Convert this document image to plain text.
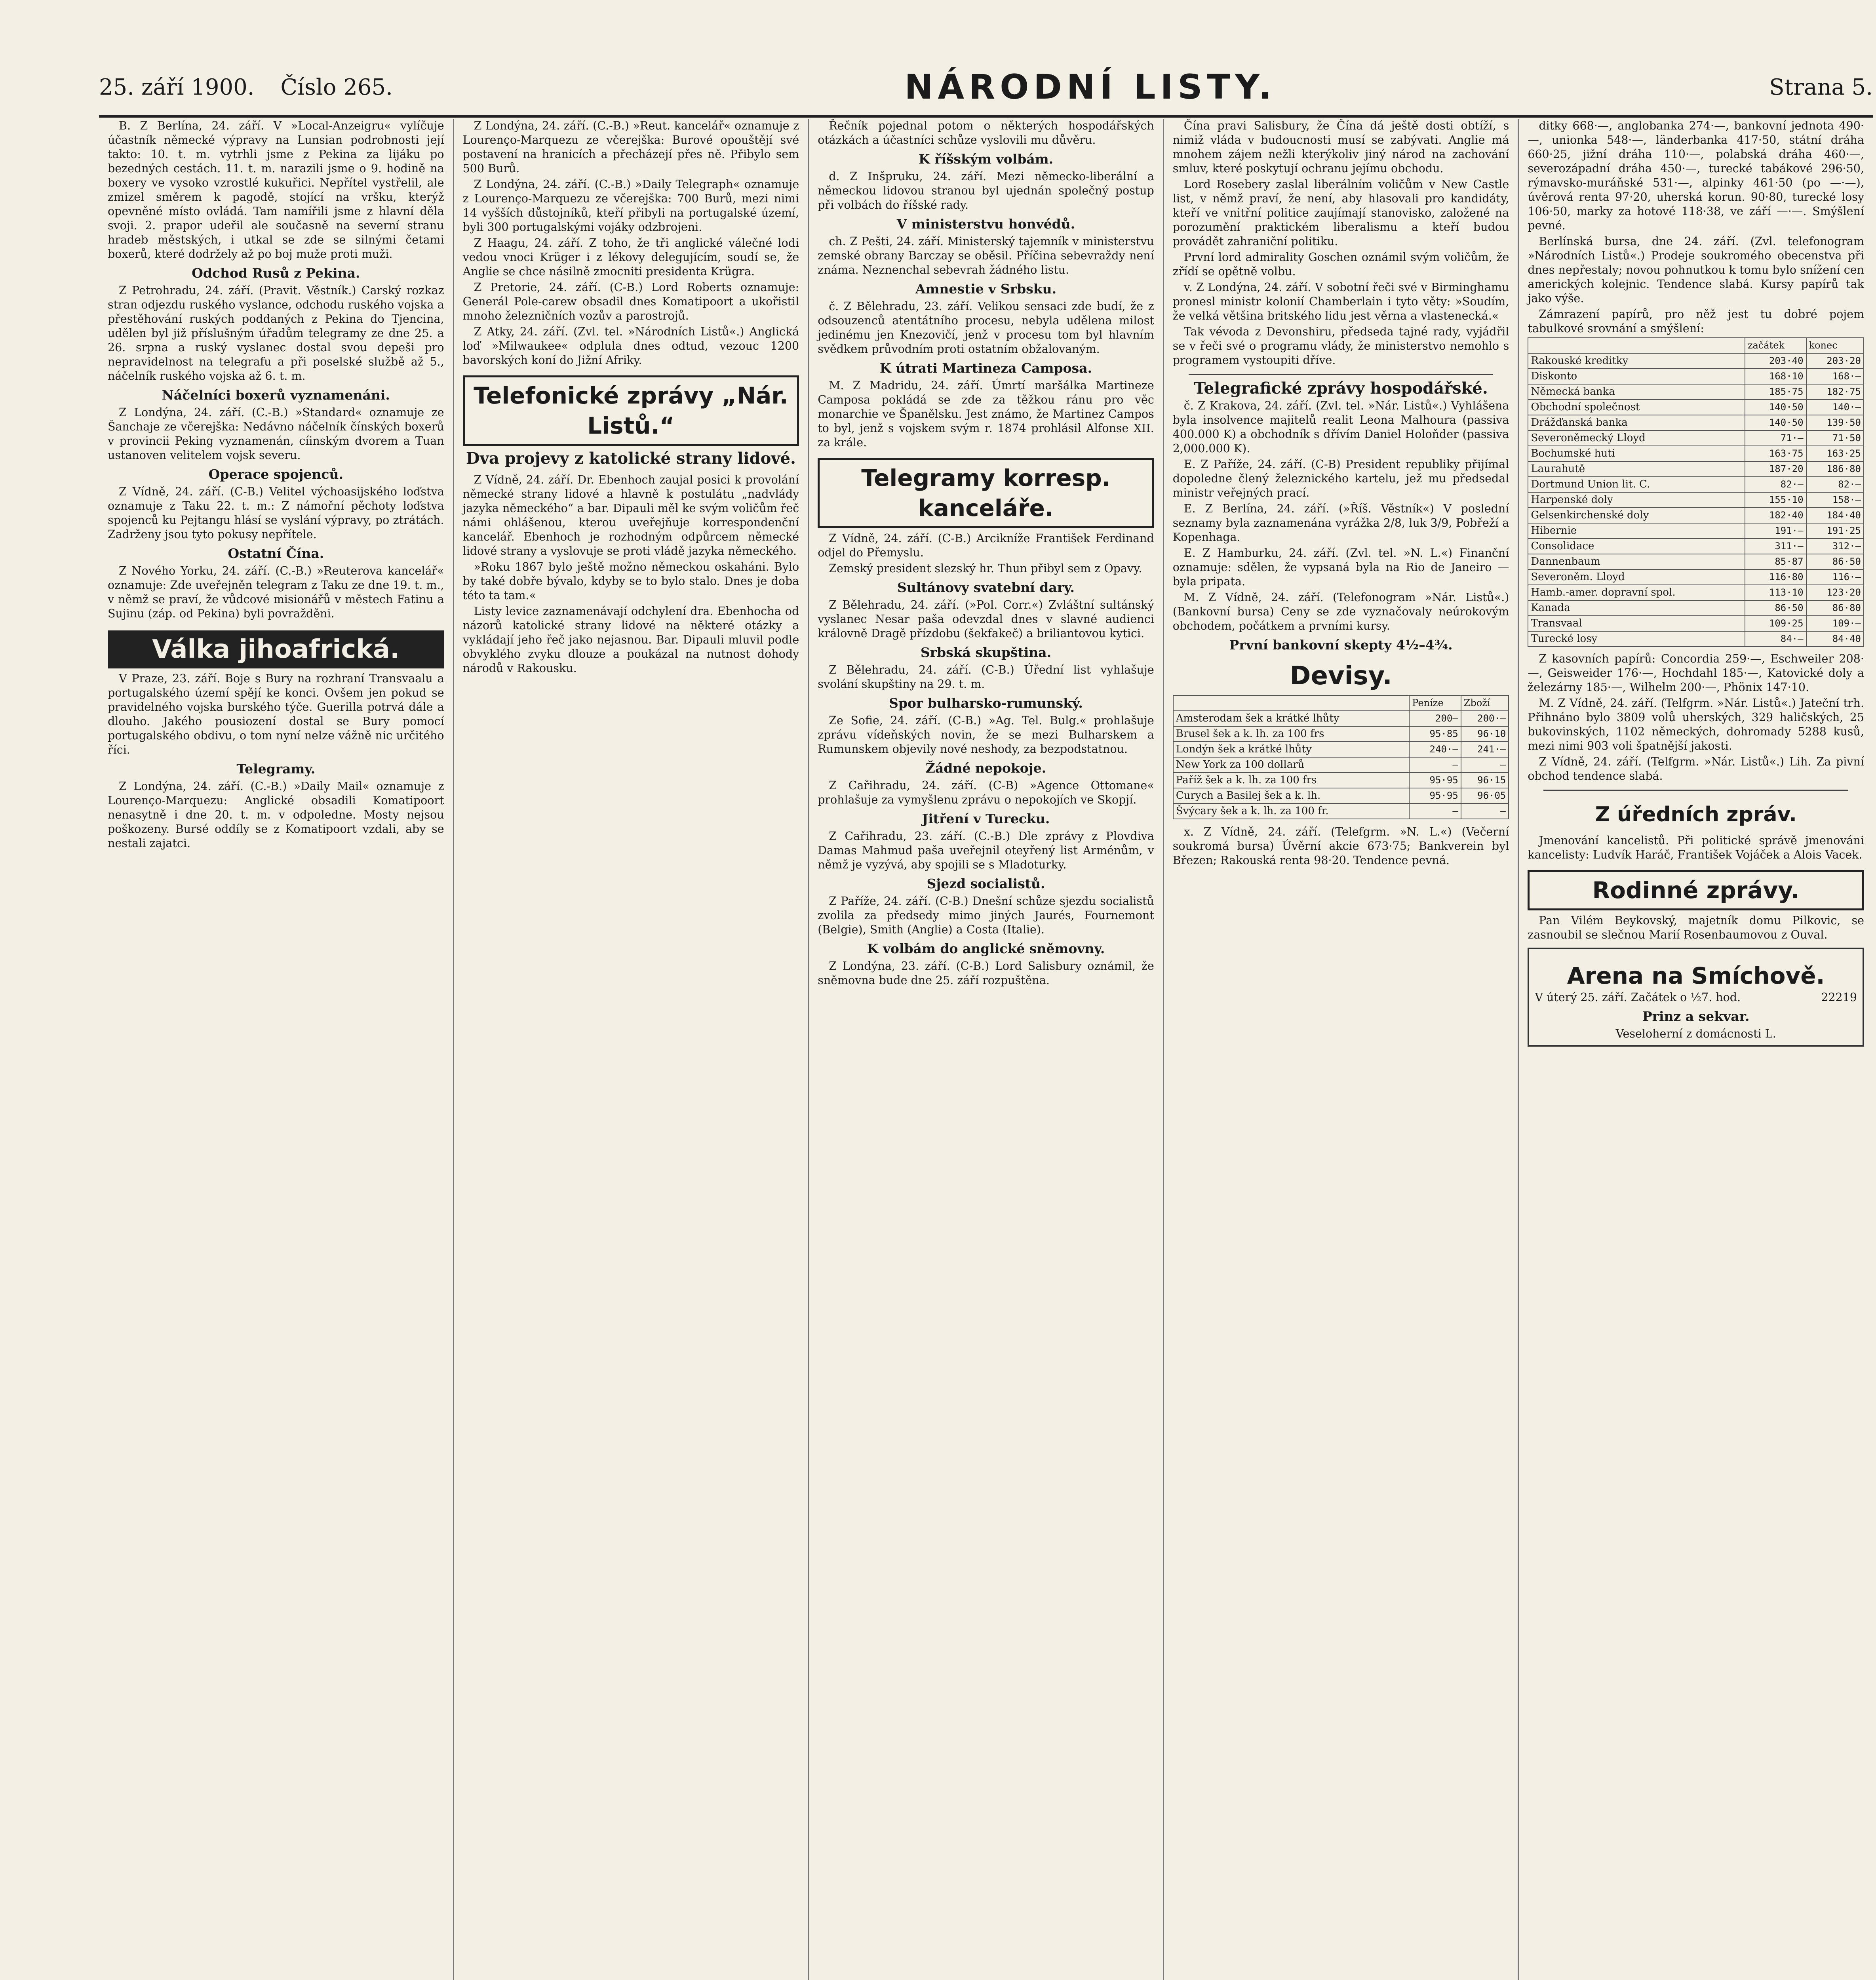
25. září 1900. Číslo 265.	NÁRODNÍ LISTY.	Strana 5.

B. Z Berlína, 24. září. V »Local-Anzeigru« vylíčuje účastník německé výpravy na Lunsian podrobnosti její takto: 10. t. m. vytrhli jsme z Pekina za lijáku po bezedných cestách. 11. t. m. narazili jsme o 9. hodině na boxery ve vysoko vzrostlé kukuřici. Nepřítel vystřelil, ale zmizel směrem k pagodě, stojící na vršku, kterýž opevněné místo ovládá. Tam namířili jsme z hlavní děla svoji. 2. prapor udeřil ale současně na severní stranu hradeb městských, i utkal se zde se silnými četami boxerů, které dodržely až po boj muže proti muži.

Odchod Rusů z Pekina.

Z Petrohradu, 24. září. (Pravit. Věstník.) Carský rozkaz stran odjezdu ruského vyslance, odchodu ruského vojska a přestěhování ruských poddaných z Pekina do Tjencina, udělen byl již příslušným úřadům telegramy ze dne 25. a 26. srpna a ruský vyslanec dostal svou depeši pro nepravidelnost na telegrafu a při poselské službě až 5., náčelník ruského vojska až 6. t. m.

Náčelníci boxerů vyznamenáni.

Z Londýna, 24. září. (C.-B.) »Standard« oznamuje ze Šanchaje ze včerejška: Nedávno náčelník čínských boxerů v provincii Peking vyznamenán, cíinským dvorem a Tuan ustanoven velitelem vojsk severu.

Operace spojenců.

Z Vídně, 24. září. (C-B.) Velitel výchoasijského loďstva oznamuje z Taku 22. t. m.: Z námořní pěchoty loďstva spojenců ku Pejtangu hlásí se vyslání výpravy, po ztrátách. Zadrženy jsou tyto pokusy nepřítele.

Ostatní Čína.

Z Nového Yorku, 24. září. (C.-B.) »Reuterova kancelář« oznamuje: Zde uveřejněn telegram z Taku ze dne 19. t. m., v němž se praví, že vůdcové misionářů v městech Fatinu a Sujinu (záp. od Pekina) byli povražděni.

Válka jihoafrická.

V Praze, 23. září. Boje s Bury na rozhraní Transvaalu a portugalského území spějí ke konci. Ovšem jen pokud se pravidelného vojska burského týče. Guerilla potrvá dále a dlouho. Jakého pousiození dostal se Bury pomocí portugalského obdivu, o tom nyní nelze vážně nic určitého říci.

Telegramy.

Z Londýna, 24. září. (C.-B.) »Daily Mail« oznamuje z Lourenço-Marquezu: Anglické obsadili Komatipoort nenasytně i dne 20. t. m. v odpoledne. Mosty nejsou poškozeny. Bursé oddíly se z Komatipoort vzdali, aby se nestali zajatci.

Z Londýna, 24. září. (C.-B.) »Reut. kancelář« oznamuje z Lourenço-Marquezu ze včerejška: Burové opouštějí své postavení na hranicích a přecházejí přes ně. Přibylo sem 500 Burů.

Z Londýna, 24. září. (C.-B.) »Daily Telegraph« oznamuje z Lourenço-Marquezu ze včerejška: 700 Burů, mezi nimi 14 vyšších důstojníků, kteří přibyli na portugalské území, byli 300 portugalskými vojáky odzbrojeni.

Z Haagu, 24. září. Z toho, že tři anglické válečné lodi vedou vnoci Krüger i z lékovy delegujícím, soudí se, že Anglie se chce násilně zmocniti presidenta Krügra.

Z Pretorie, 24. září. (C-B.) Lord Roberts oznamuje: Generál Pole-carew obsadil dnes Komatipoort a ukořistil mnoho železničních vozův a parostrojů.

Z Atky, 24. září. (Zvl. tel. »Národních Listů«.) Anglická loď »Milwaukee« odplula dnes odtud, vezouc 1200 bavorských koní do Jižní Afriky.

Telefonické zprávy „Nár. Listů.“
Dva projevy z katolické strany lidové.

Z Vídně, 24. září. Dr. Ebenhoch zaujal posici k provolání německé strany lidové a hlavně k postulátu „nadvlády jazyka německého“ a bar. Dipauli měl ke svým voličům řeč námi ohlášenou, kterou uveřejňuje korrespondenční kancelář. Ebenhoch je rozhodným odpůrcem německé lidové strany a vyslovuje se proti vládě jazyka německého.

»Roku 1867 bylo ještě možno německou oskaháni. Bylo by také dobře bývalo, kdyby se to bylo stalo. Dnes je doba této ta tam.«

Listy levice zaznamenávají odchylení dra. Ebenhocha od názorů katolické strany lidové na některé otázky a vykládají jeho řeč jako nejasnou. Bar. Dipauli mluvil podle obvyklého zvyku dlouze a poukázal na nutnost dohody národů v Rakousku.

Řečník pojednal potom o některých hospodářských otázkách a účastníci schůze vyslovili mu důvěru.

K říšským volbám.

d. Z Inšpruku, 24. září. Mezi německo-liberální a německou lidovou stranou byl ujednán společný postup při volbách do říšské rady.

V ministerstvu honvédů.

ch. Z Pešti, 24. září. Ministerský tajemník v ministerstvu zemské obrany Barczay se oběsil. Příčina sebevraždy není známa. Neznenchal sebevrah žádného listu.

Amnestie v Srbsku.

č. Z Bělehradu, 23. září. Velikou sensaci zde budí, že z odsouzenců atentátního procesu, nebyla udělena milost jedinému jen Knezovičí, jenž v procesu tom byl hlavním svědkem průvodním proti ostatním obžalovaným.

K útrati Martineza Camposa.

M. Z Madridu, 24. září. Úmrtí maršálka Martineze Camposa pokládá se zde za těžkou ránu pro věc monarchie ve Španělsku. Jest známo, že Martinez Campos to byl, jenž s vojskem svým r. 1874 prohlásil Alfonse XII. za krále.

Telegramy korresp. kanceláře.

Z Vídně, 24. září. (C-B.) Arcikníže František Ferdinand odjel do Přemyslu.

Zemský president slezský hr. Thun přibyl sem z Opavy.

Sultánovy svatební dary.

Z Bělehradu, 24. září. (»Pol. Corr.«) Zvláštní sultánský vyslanec Nesar paša odevzdal dnes v slavné audienci královně Dragě přízdobu (šekfakeč) a briliantovou kytici.

Srbská skupština.

Z Bělehradu, 24. září. (C-B.) Úřední list vyhlašuje svolání skupštiny na 29. t. m.

Spor bulharsko-rumunský.

Ze Sofie, 24. září. (C-B.) »Ag. Tel. Bulg.« prohlašuje zprávu vídeňských novin, že se mezi Bulharskem a Rumunskem objevily nové neshody, za bezpodstatnou.

Žádné nepokoje.

Z Cařihradu, 24. září. (C-B) »Agence Ottomane« prohlašuje za vymyšlenu zprávu o nepokojích ve Skopjí.

Jitření v Turecku.

Z Cařihradu, 23. září. (C.-B.) Dle zprávy z Plovdiva Damas Mahmud paša uveřejnil oteyřený list Arménům, v němž je vyzývá, aby spojili se s Mladoturky.

Sjezd socialistů.

Z Paříže, 24. září. (C-B.) Dnešní schůze sjezdu socialistů zvolila za předsedy mimo jiných Jaurés, Fournemont (Belgie), Smith (Anglie) a Costa (Italie).

K volbám do anglické sněmovny.

Z Londýna, 23. září. (C-B.) Lord Salisbury oznámil, že sněmovna bude dne 25. září rozpuštěna.

Čína pravi Salisbury, že Čína dá ještě dosti obtíží, s nimiž vláda v budoucnosti musí se zabývati. Anglie má mnohem zájem nežli kterýkoliv jiný národ na zachování smluv, které poskytují ochranu jejímu obchodu.

Lord Rosebery zaslal liberálním voličům v New Castle list, v němž praví, že není, aby hlasovali pro kandidáty, kteří ve vnitřní politice zaujímají stanovisko, založené na porozumění praktickém liberalismu a kteří budou provádět zahraniční politiku.

První lord admirality Goschen oznámil svým voličům, že zřídí se opětně volbu.

v. Z Londýna, 24. září. V sobotní řeči své v Birminghamu pronesl ministr kolonií Chamberlain i tyto věty: »Soudím, že velká většina britského lidu jest věrna a vlastenecká.«

Tak vévoda z Devonshiru, předseda tajné rady, vyjádřil se v řeči své o programu vlády, že ministerstvo nemohlo s programem vystoupiti dříve.

Telegrafické zprávy hospodářské.

č. Z Krakova, 24. září. (Zvl. tel. »Nár. Listů«.) Vyhlášena byla insolvence majitelů realit Leona Malhoura (passiva 400.000 K) a obchodník s dřívím Daniel Holoňder (passiva 2,000.000 K).

E. Z Paříže, 24. září. (C-B) President republiky přijímal dopoledne člený železnického kartelu, jež mu předsedal ministr veřejných prací.

E. Z Berlína, 24. září. (»Říš. Věstník«) V poslední seznamy byla zaznamenána vyrážka 2/8, luk 3/9, Pobřeží a Kopenhaga.

E. Z Hamburku, 24. září. (Zvl. tel. »N. L.«) Finanční oznamuje: sdělen, že vypsaná byla na Rio de Janeiro — byla pripata.

M. Z Vídně, 24. září. (Telefonogram »Nár. Listů«.) (Bankovní bursa) Ceny se zde vyznačovaly neúrokovým obchodem, počátkem a prvními kursy.

První bankovní skepty 4½–4¾.
Devisy.
	Peníze	Zboží
Amsterodam šek a krátké lhůty	200—	200·—
Brusel šek a k. lh. za 100 frs	95·85	96·10
Londýn šek a krátké lhůty	240·—	241·—
New York za 100 dollarů	—	—
Paříž šek a k. lh. za 100 frs	95·95	96·15
Curych a Basilej šek a k. lh.	95·95	96·05
Švýcary šek a k. lh. za 100 fr.	—	—

x. Z Vídně, 24. září. (Telefgrm. »N. L.«) (Večerní soukromá bursa) Úvěrní akcie 673·75; Bankverein byl Březen; Rakouská renta 98·20. Tendence pevná.

ditky 668·—, anglobanka 274·—, bankovní jednota 490·—, unionka 548·—, länderbanka 417·50, státní dráha 660·25, jižní dráha 110·—, polabská dráha 460·—, severozápadní dráha 450·—, turecké tabákové 296·50, rýmavsko-muráňské 531·—, alpinky 461·50 (po —·—), úvěrová renta 97·20, uherská korun. 90·80, turecké losy 106·50, marky za hotové 118·38, ve září —·—. Smýšlení pevné.

Berlínská bursa, dne 24. září. (Zvl. telefonogram »Národních Listů«.) Prodeje soukromého obecenstva při dnes nepřestaly; novou pohnutkou k tomu bylo snížení cen amerických kolejnic. Tendence slabá. Kursy papírů tak jako výše.

Zámrazení papírů, pro něž jest tu dobré pojem tabulkové srovnání a smýšlení:

	začátek	konec
Rakouské kreditky	203·40	203·20
Diskonto	168·10	168·—
Německá banka	185·75	182·75
Obchodní společnost	140·50	140·—
Drážďanská banka	140·50	139·50
Severoněmecký Lloyd	71·—	71·50
Bochumské huti	163·75	163·25
Laurahutě	187·20	186·80
Dortmund Union lit. C.	82·—	82·—
Harpenské doly	155·10	158·—
Gelsenkirchenské doly	182·40	184·40
Hibernie	191·—	191·25
Consolidace	311·—	312·—
Dannenbaum	85·87	86·50
Severoněm. Lloyd	116·80	116·—
Hamb.-amer. dopravní spol.	113·10	123·20
Kanada	86·50	86·80
Transvaal	109·25	109·—
Turecké losy	84·—	84·40

Z kasovních papírů: Concordia 259·—, Eschweiler 208·—, Geisweider 176·—, Hochdahl 185·—, Katovické doly a železárny 185·—, Wilhelm 200·—, Phönix 147·10.

M. Z Vídně, 24. září. (Telfgrm. »Nár. Listů«.) Jateční trh. Přihnáno bylo 3809 volů uherských, 329 haličských, 25 bukovinských, 1102 německých, dohromady 5288 kusů, mezi nimi 903 voli špatnější jakosti.

Z Vídně, 24. září. (Telfgrm. »Nár. Listů«.) Lih. Za pivní obchod tendence slabá.

Z úředních zpráv.

Jmenování kancelistů. Při politické správě jmenováni kancelisty: Ludvík Haráč, František Vojáček a Alois Vacek.

Rodinné zprávy.

Pan Vilém Beykovský, majetník domu Pilkovic, se zasnoubil se slečnou Marií Rosenbaumovou z Ouval.

Arena na Smíchově.
V úterý 25. září. Začátek o ½7. hod.	22219
Prinz a sekvar.
Veseloherní z domácnosti L.
